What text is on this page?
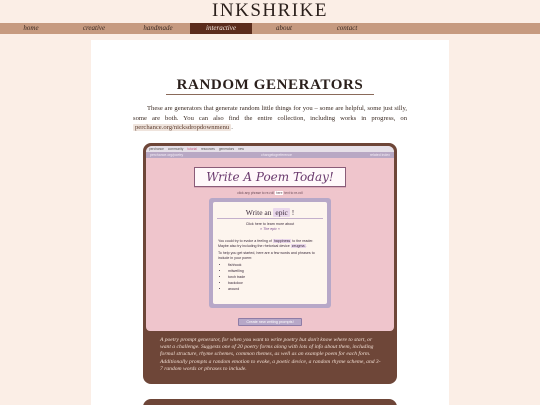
INKSHRIKE
home	creative	handmade	interactive	about	contact
RANDOM GENERATORS

These are generators that generate random little things for you – some are helpful, some just silly, some are both. You can also find the entire collection, including works in progress, on perchance.org/nicksdropdownmenu .

perchance community tutorial resources generators new
perchance.org/poetry	changelogreference	related index
Write A Poem Today!
click any phrase to re-roll here text to re-roll
Write an epic !
Click here to learn more about
» The epic «

You could try to evoke a feeling of happiness to the reader. Maybe also try including the rhetorical device zeugma.

To help you get started, here are a few words and phrases to include in your poem:

• fishhook
• mitwelling
• torch trade
• backdoor
• around
Create new writing prompts!

A poetry prompt generator, for when you want to write poetry but don't know where to start, or want a challenge. Suggests one of 20 poetry forms along with lots of info about them, including formal structure, rhyme schemes, common themes, as well as an example poem for each form. Additionally prompts a random emotion to evoke, a poetic device, a random rhyme scheme, and 3-7 random words or phrases to include.
